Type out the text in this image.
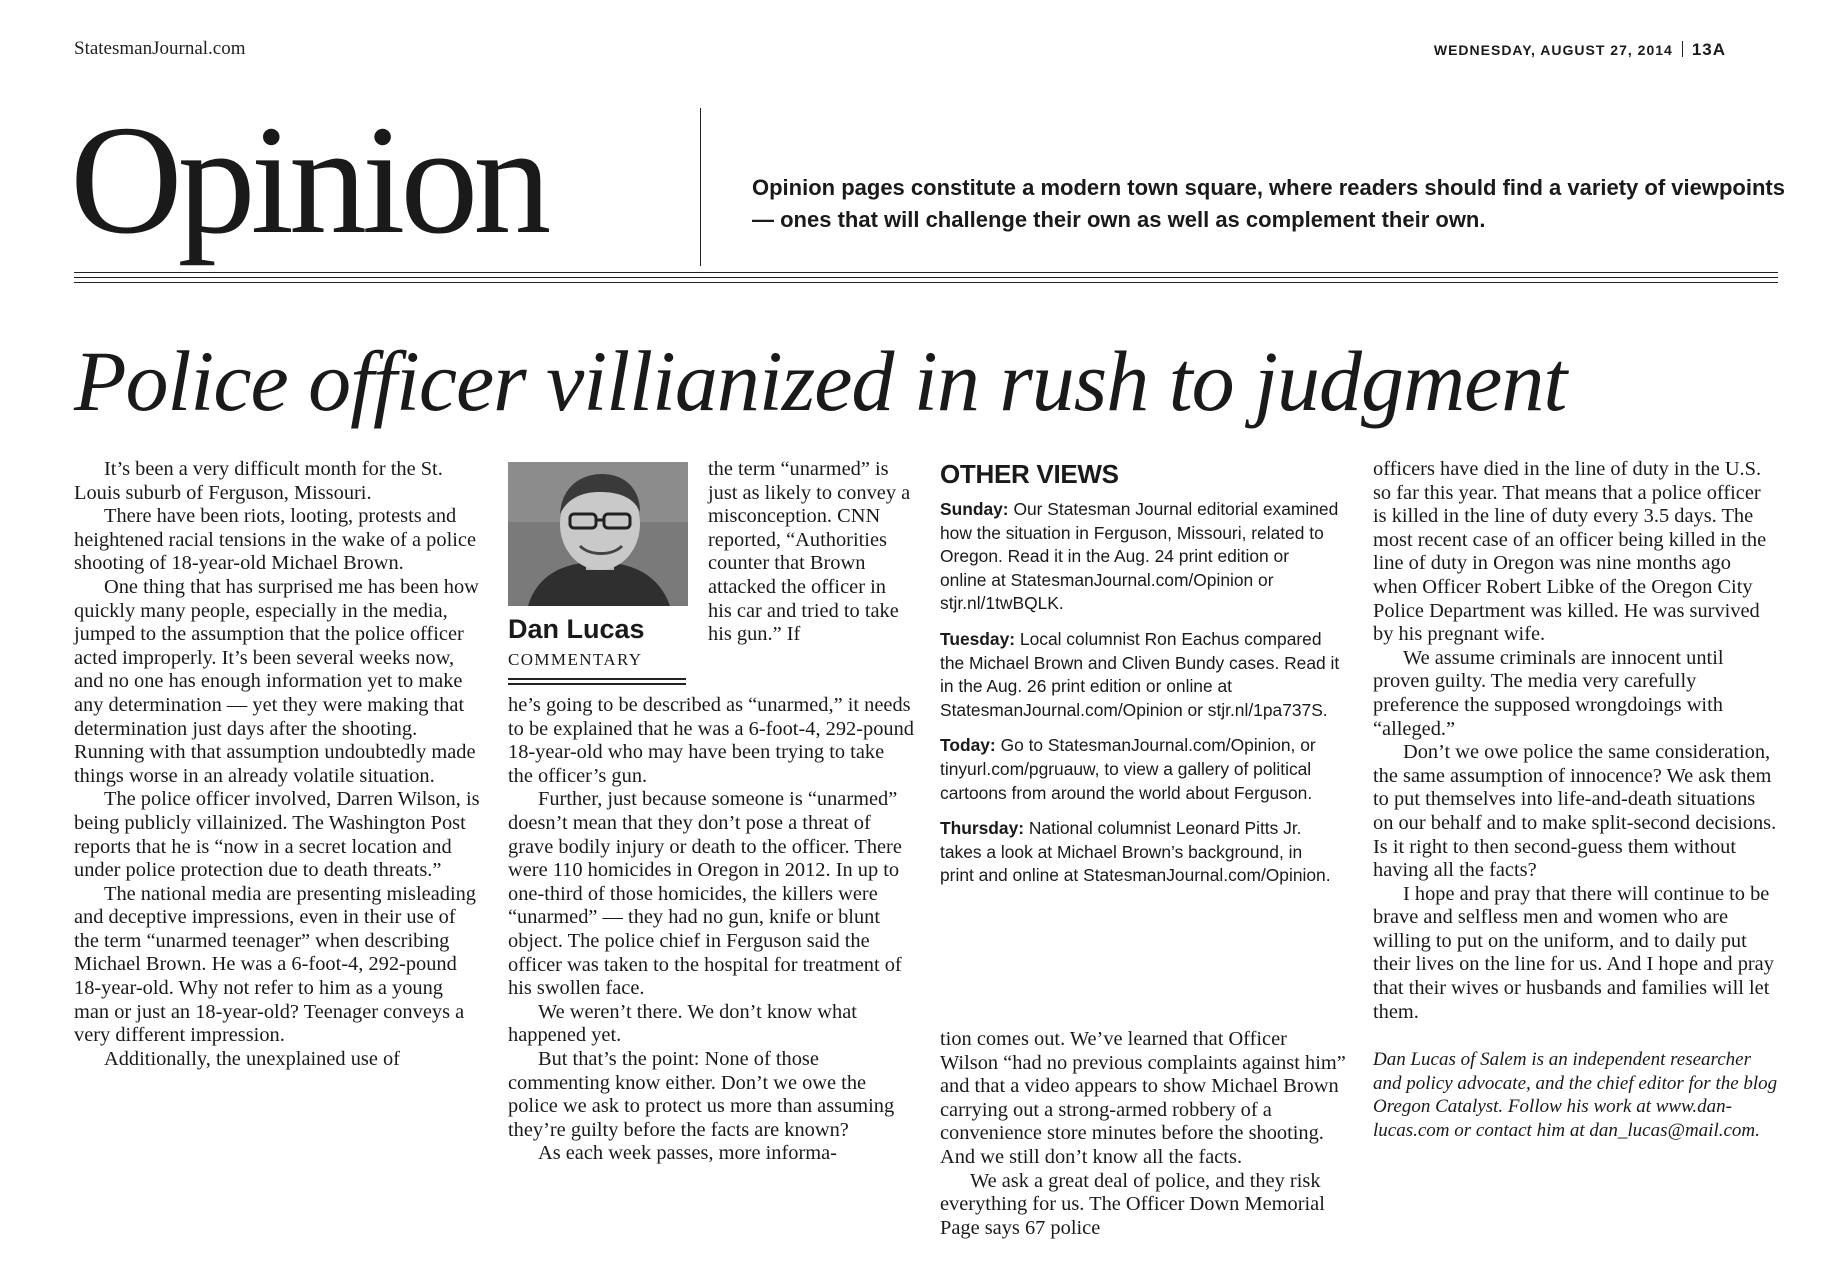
StatesmanJournal.com	WEDNESDAY, AUGUST 27, 2014 13A
Opinion	Opinion pages constitute a modern town square, where readers should find a variety of viewpoints — ones that will challenge their own as well as complement their own.
Police officer villianized in rush to judgment

It’s been a very difficult month for the St. Louis suburb of Ferguson, Missouri.

There have been riots, looting, protests and heightened racial tensions in the wake of a police shooting of 18-year-old Michael Brown.

One thing that has surprised me has been how quickly many people, especially in the media, jumped to the assumption that the police officer acted improperly. It’s been several weeks now, and no one has enough information yet to make any determination — yet they were making that determination just days after the shooting. Running with that assumption undoubtedly made things worse in an already volatile situation.

The police officer involved, Darren Wilson, is being publicly villainized. The Washington Post reports that he is “now in a secret location and under police protection due to death threats.”

The national media are presenting misleading and deceptive impressions, even in their use of the term “unarmed teenager” when describing Michael Brown. He was a 6-foot-4, 292-pound 18-year-old. Why not refer to him as a young man or just an 18-year-old? Teenager conveys a very different impression.

Additionally, the unexplained use of

Dan Lucas
COMMENTARY

the term “unarmed” is just as likely to convey a misconception. CNN reported, “Authorities counter that Brown attacked the officer in his car and tried to take his gun.” If

he’s going to be described as “unarmed,” it needs to be explained that he was a 6-foot-4, 292-pound 18-year-old who may have been trying to take the officer’s gun.

Further, just because someone is “unarmed” doesn’t mean that they don’t pose a threat of grave bodily injury or death to the officer. There were 110 homicides in Oregon in 2012. In up to one-third of those homicides, the killers were “unarmed” — they had no gun, knife or blunt object. The police chief in Ferguson said the officer was taken to the hospital for treatment of his swollen face.

We weren’t there. We don’t know what happened yet.

But that’s the point: None of those commenting know either. Don’t we owe the police we ask to protect us more than assuming they’re guilty before the facts are known?

As each week passes, more informa-

OTHER VIEWS
Sunday: Our Statesman Journal editorial examined how the situation in Ferguson, Missouri, related to Oregon. Read it in the Aug. 24 print edition or online at StatesmanJournal.com/Opinion or stjr.nl/1twBQLK.
Tuesday: Local columnist Ron Eachus compared the Michael Brown and Cliven Bundy cases. Read it in the Aug. 26 print edition or online at StatesmanJournal.com/Opinion or stjr.nl/1pa737S.
Today: Go to StatesmanJournal.com/Opinion, or tinyurl.com/pgruauw, to view a gallery of political cartoons from around the world about Ferguson.
Thursday: National columnist Leonard Pitts Jr. takes a look at Michael Brown’s background, in print and online at StatesmanJournal.com/Opinion.

tion comes out. We’ve learned that Officer Wilson “had no previous complaints against him” and that a video appears to show Michael Brown carrying out a strong-armed robbery of a convenience store minutes before the shooting. And we still don’t know all the facts.

We ask a great deal of police, and they risk everything for us. The Officer Down Memorial Page says 67 police

officers have died in the line of duty in the U.S. so far this year. That means that a police officer is killed in the line of duty every 3.5 days. The most recent case of an officer being killed in the line of duty in Oregon was nine months ago when Officer Robert Libke of the Oregon City Police Department was killed. He was survived by his pregnant wife.

We assume criminals are innocent until proven guilty. The media very carefully preference the supposed wrongdoings with “alleged.”

Don’t we owe police the same consideration, the same assumption of innocence? We ask them to put themselves into life-and-death situations on our behalf and to make split-second decisions. Is it right to then second-guess them without having all the facts?

I hope and pray that there will continue to be brave and selfless men and women who are willing to put on the uniform, and to daily put their lives on the line for us. And I hope and pray that their wives or husbands and families will let them.

Dan Lucas of Salem is an independent researcher and policy advocate, and the chief editor for the blog Oregon Catalyst. Follow his work at www.dan-lucas.com or contact him at dan_lucas@mail.com.
